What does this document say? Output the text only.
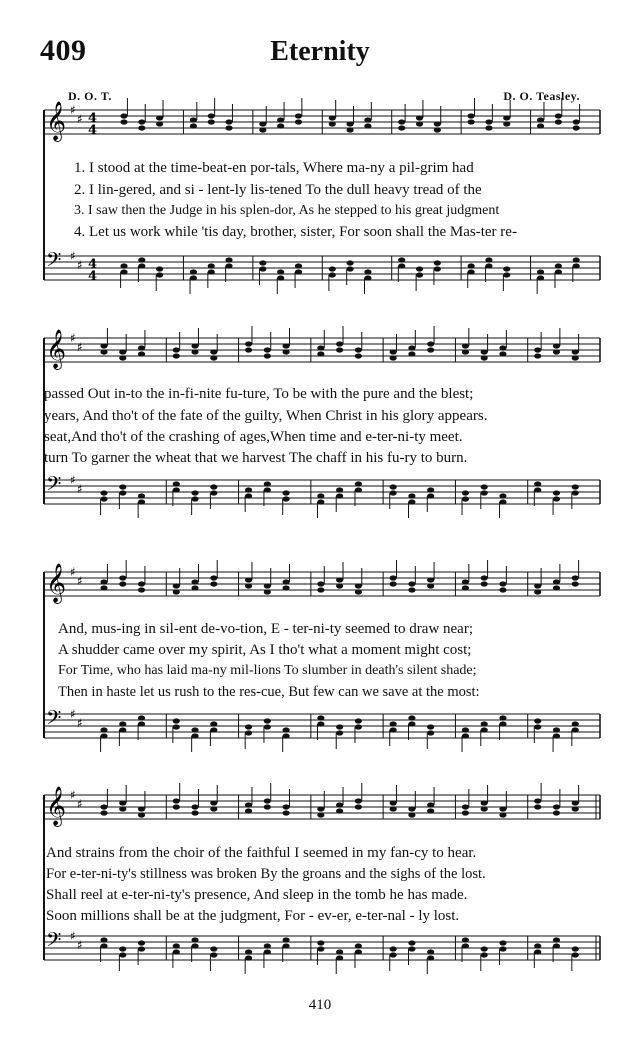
409	Eternity
D. O. T.	D. O. Teasley.
𝄞 ♯
♯ 4
4
𝄢 ♯
♯ 4
4
𝄞 ♯
♯
𝄢 ♯
♯
𝄞 ♯
♯
𝄢 ♯
♯
𝄞 ♯
♯
𝄢 ♯
♯
1. I stood at the time-beat-en por-tals, Where ma-ny a pil-grim had
2. I lin-gered, and si - lent-ly lis-tened To the dull heavy tread of the
3. I saw then the Judge in his splen-dor, As he stepped to his great judgment
4. Let us work while 'tis day, brother, sister, For soon shall the Mas-ter re-
passed Out in-to the in-fi-nite fu-ture, To be with the pure and the blest;
years, And tho't of the fate of the guilty, When Christ in his glory appears.
seat,And tho't of the crashing of ages,When time and e-ter-ni-ty meet.
turn To garner the wheat that we harvest The chaff in his fu-ry to burn.
And, mus-ing in sil-ent de-vo-tion, E - ter-ni-ty seemed to draw near;
A shudder came over my spirit, As I tho't what a moment might cost;
For Time, who has laid ma-ny mil-lions To slumber in death's silent shade;
Then in haste let us rush to the res-cue, But few can we save at the most:
And strains from the choir of the faithful I seemed in my fan-cy to hear.
For e-ter-ni-ty's stillness was broken By the groans and the sighs of the lost.
Shall reel at e-ter-ni-ty's presence, And sleep in the tomb he has made.
Soon millions shall be at the judgment, For - ev-er, e-ter-nal - ly lost.
410
